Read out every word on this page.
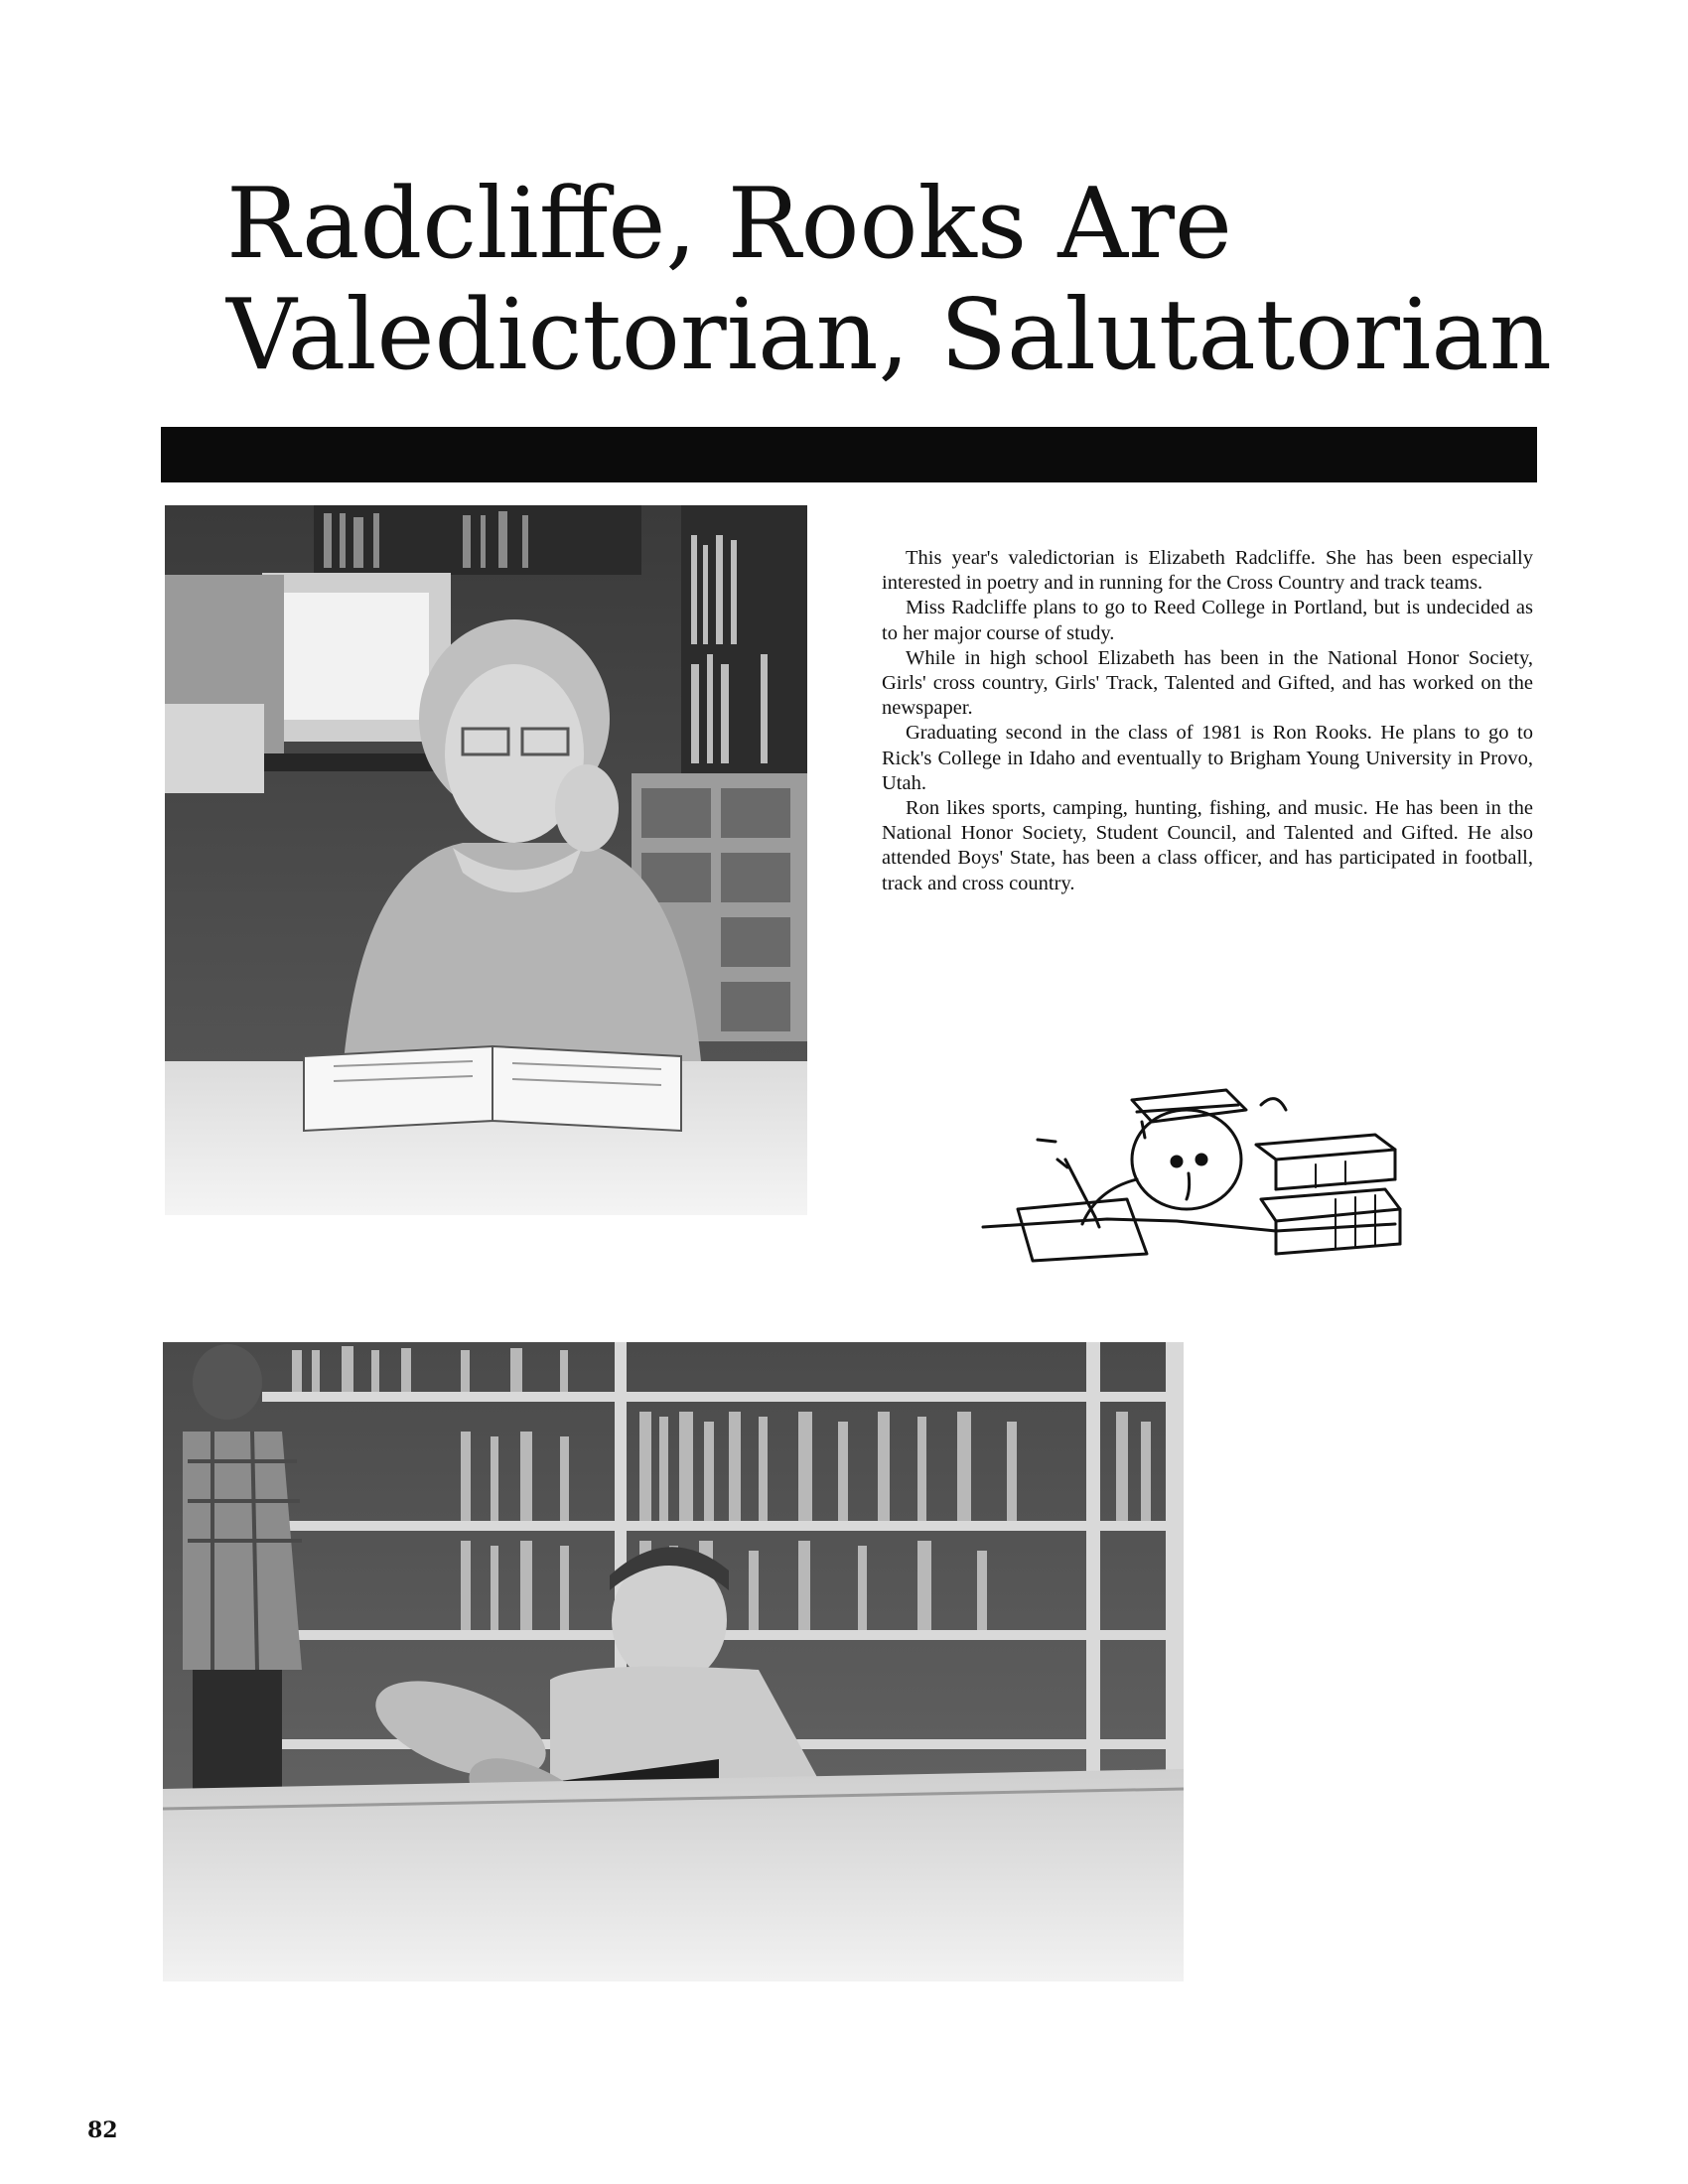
Radcliffe, Rooks Are
Valedictorian, Salutatorian

This year's valedictorian is Elizabeth Radcliffe. She has been especially interested in poetry and in running for the Cross Country and track teams.

Miss Radcliffe plans to go to Reed College in Portland, but is undecided as to her major course of study.

While in high school Elizabeth has been in the National Honor Society, Girls' cross country, Girls' Track, Talented and Gifted, and has worked on the newspaper.

Graduating second in the class of 1981 is Ron Rooks. He plans to go to Rick's College in Idaho and eventually to Brigham Young University in Provo, Utah.

Ron likes sports, camping, hunting, fishing, and music. He has been in the National Honor Society, Student Council, and Talented and Gifted. He also attended Boys' State, has been a class officer, and has participated in football, track and cross country.

82
